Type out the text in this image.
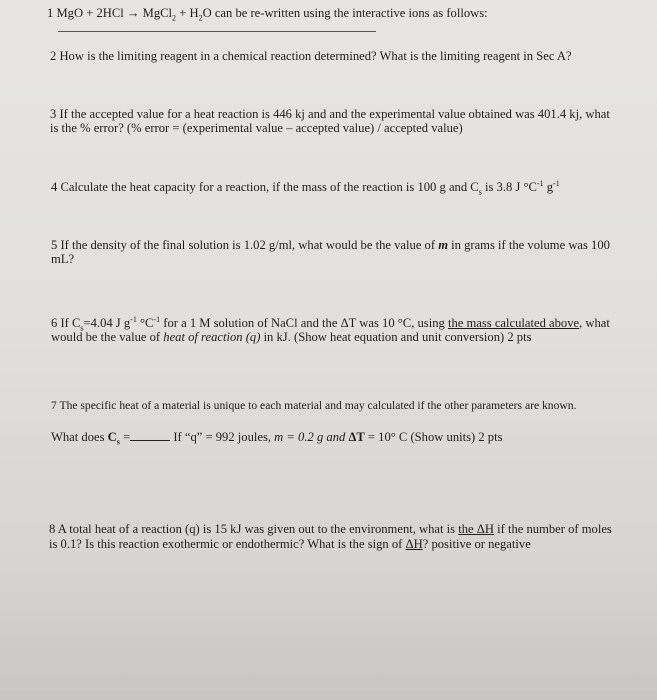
1 MgO + 2HCl → MgCl$_2$ + $H_2O$ can be re-written using the interactive ions as follows:
2 How is the limiting reagent in a chemical reaction determined? What is the limiting reagent in Sec A?
3 If the accepted value for a heat reaction is 446 kj and and the experimental value obtained was 401.4 kj, what
is the % error? (% error = (experimental value – accepted value) / accepted value)
4 Calculate the heat capacity for a reaction, if the mass of the reaction is 100 g and $C_s$ is 3.8 J $^\circ C^{-1}$ $g^{-1}$
5 If the density of the final solution is 1.02 g/ml, what would be the value of m in grams if the volume was 100
mL?
6 If $C_s=4.04$ J $g^{-1}$ $^\circ C^{-1}$ for a 1 M solution of NaCl and the ΔT was 10 °C, using the mass calculated above, what
would be the value of heat of reaction (q) in kJ. (Show heat equation and unit conversion) 2 pts
7 The specific heat of a material is unique to each material and may calculated if the other parameters are known.
What does $C_s$ =	If “q” = 992 joules, m = 0.2 g and ΔT = 10° C (Show units) 2 pts
8 A total heat of a reaction (q) is 15 kJ was given out to the environment, what is the ΔH if the number of moles
is 0.1? Is this reaction exothermic or endothermic? What is the sign of ΔH? positive or negative
